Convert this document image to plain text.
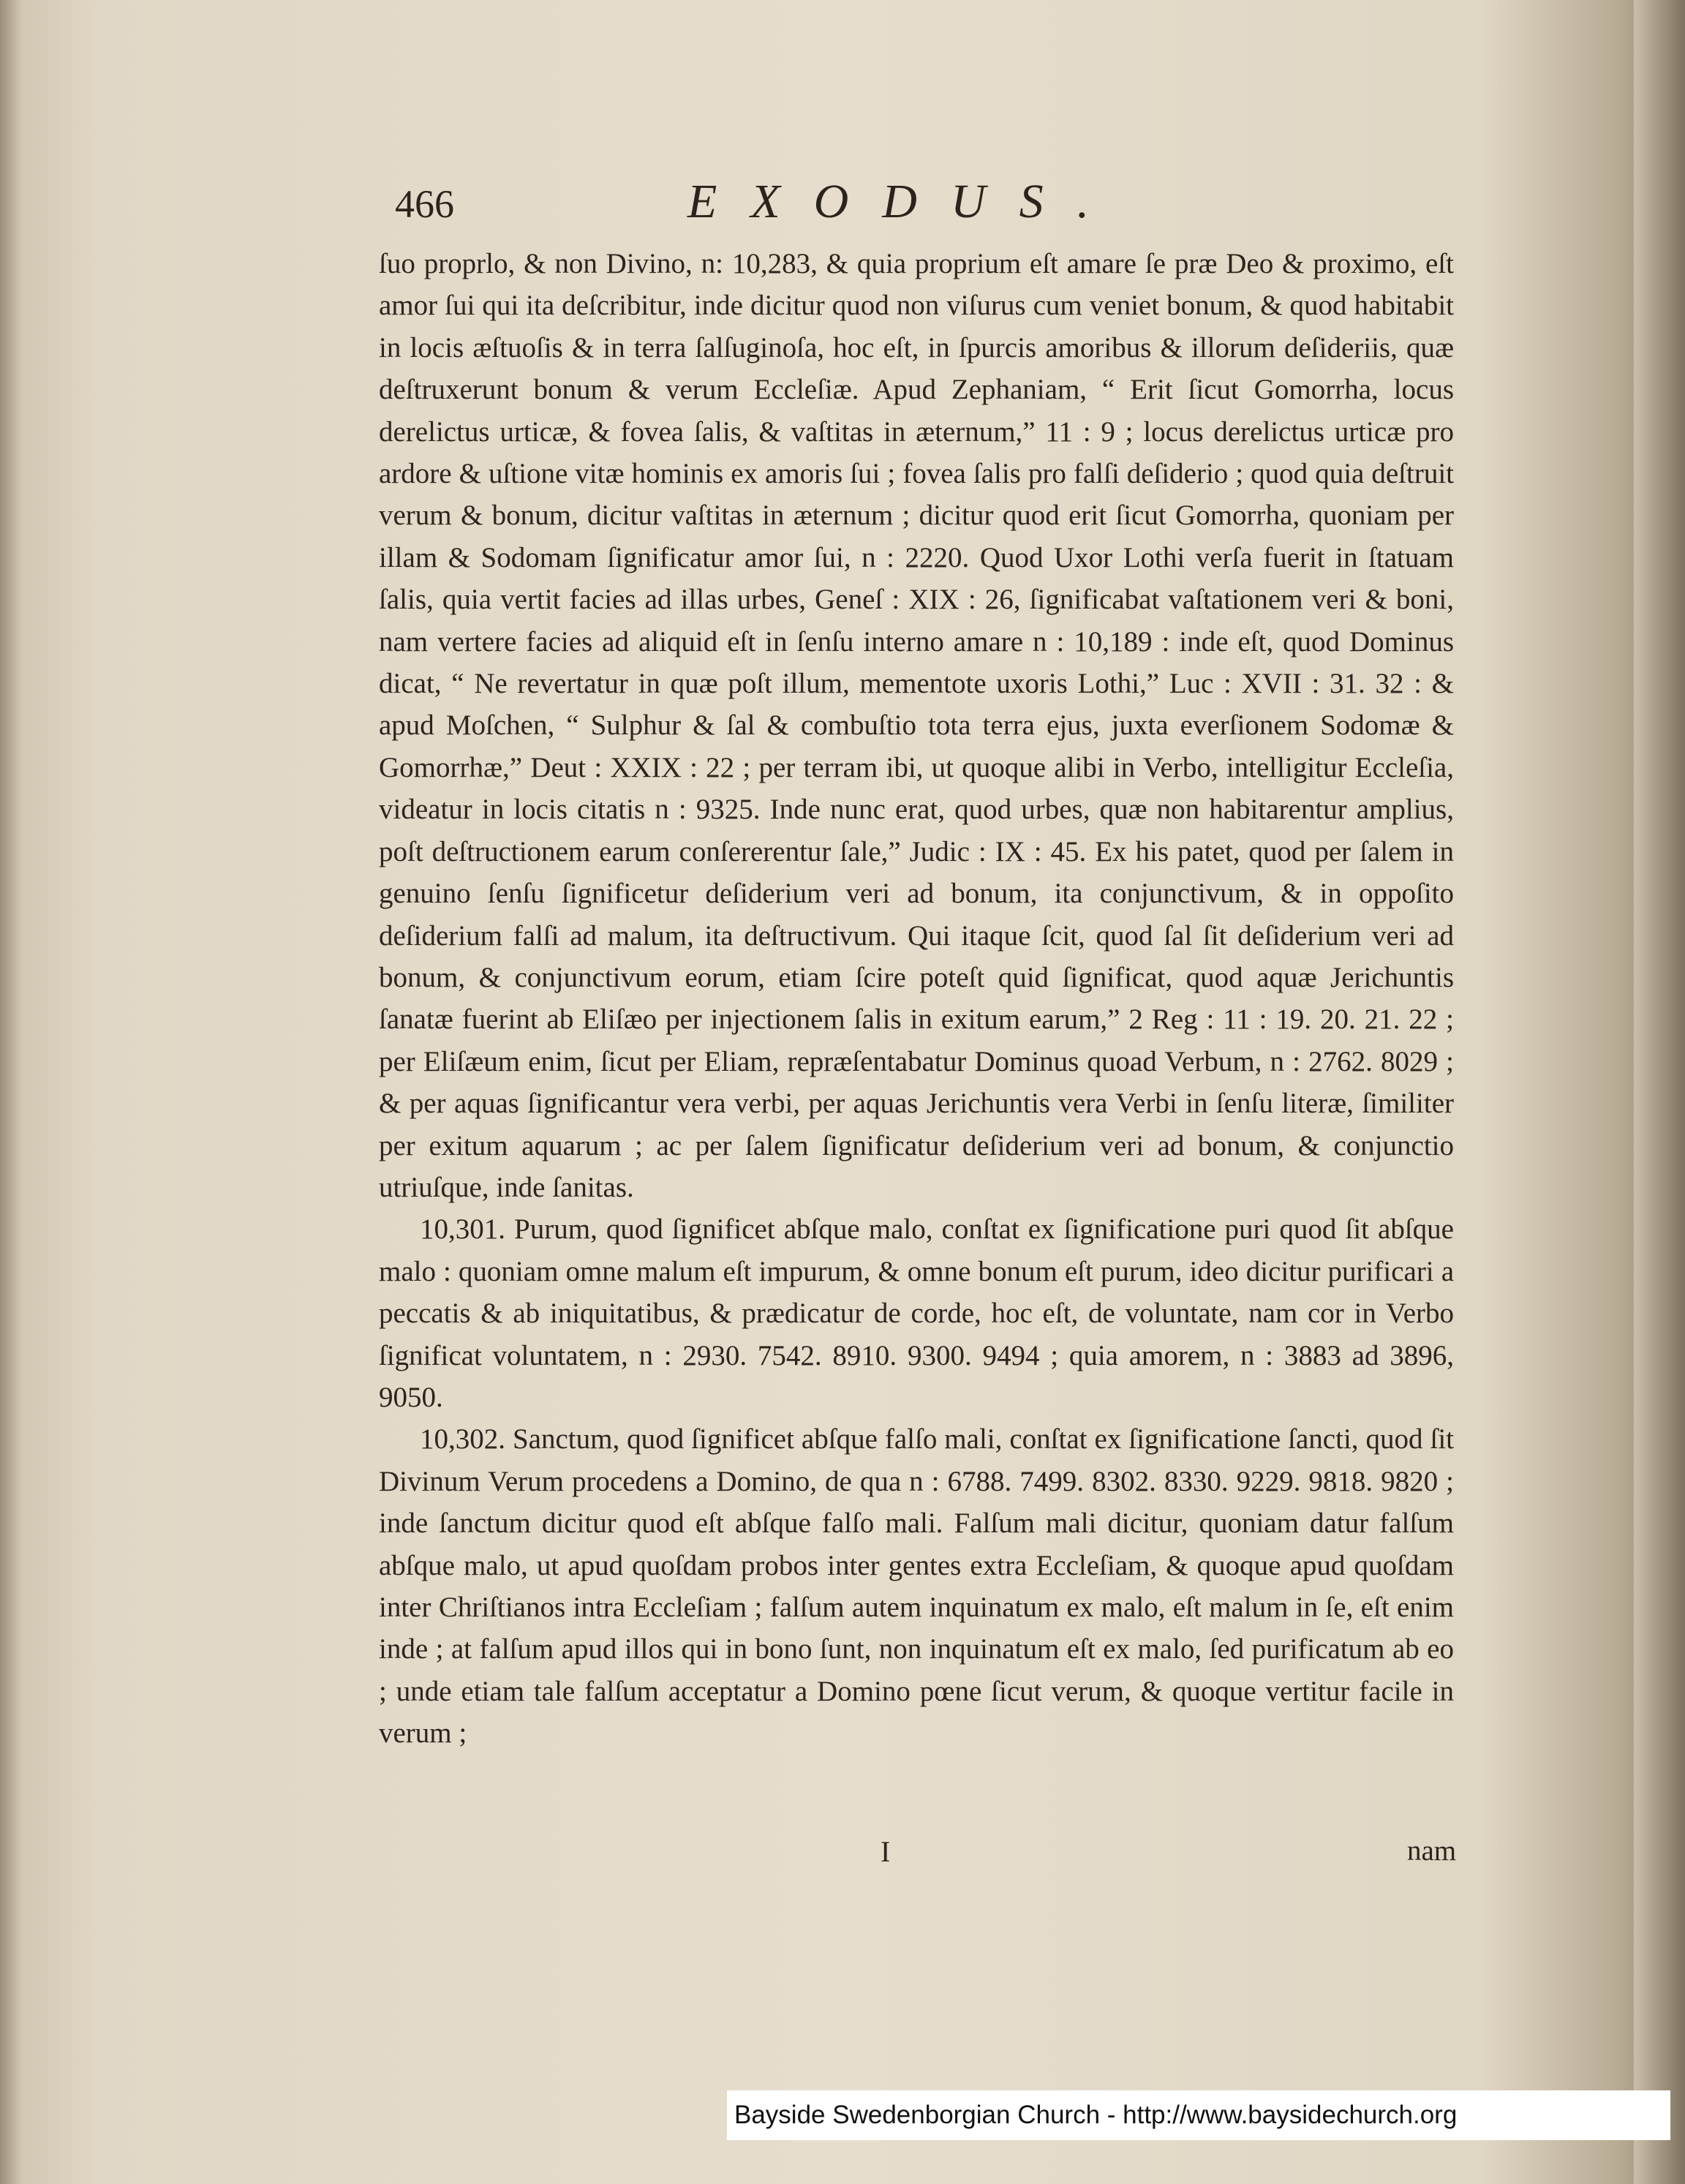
466	EXODUS.

ſuo proprlo, & non Divino, n: 10,283, & quia proprium eſt amare ſe præ Deo & proximo, eſt amor ſui qui ita deſcribitur, inde dicitur quod non viſurus cum veniet bonum, & quod habitabit in locis æſtuoſis & in terra ſalſuginoſa, hoc eſt, in ſpurcis amoribus & illorum deſideriis, quæ deſtruxerunt bonum & verum Eccleſiæ. Apud Zephaniam, “ Erit ſicut Gomorrha, locus derelictus urticæ, & fovea ſalis, & vaſtitas in æternum,” 11 : 9 ; locus derelictus urticæ pro ardore & uſtione vitæ hominis ex amoris ſui ; fovea ſalis pro falſi deſiderio ; quod quia deſtruit verum & bonum, dicitur vaſtitas in æternum ; dicitur quod erit ſicut Gomorrha, quoniam per illam & Sodomam ſignificatur amor ſui, n : 2220. Quod Uxor Lothi verſa fuerit in ſtatuam ſalis, quia vertit facies ad illas urbes, Geneſ : XIX : 26, ſignificabat vaſtationem veri & boni, nam vertere facies ad aliquid eſt in ſenſu interno amare n : 10,189 : inde eſt, quod Dominus dicat, “ Ne revertatur in quæ poſt illum, mementote uxoris Lothi,” Luc : XVII : 31. 32 : & apud Moſchen, “ Sulphur & ſal & combuſtio tota terra ejus, juxta everſionem Sodomæ & Gomorrhæ,” Deut : XXIX : 22 ; per terram ibi, ut quoque alibi in Verbo, intelligitur Eccleſia, videatur in locis citatis n : 9325. Inde nunc erat, quod urbes, quæ non habitarentur amplius, poſt deſtructionem earum conſererentur ſale,” Judic : IX : 45. Ex his patet, quod per ſalem in genuino ſenſu ſignificetur deſiderium veri ad bonum, ita conjunctivum, & in oppoſito deſiderium falſi ad malum, ita deſtructivum. Qui itaque ſcit, quod ſal ſit deſiderium veri ad bonum, & conjunctivum eorum, etiam ſcire poteſt quid ſignificat, quod aquæ Jerichuntis ſanatæ fuerint ab Eliſæo per injectionem ſalis in exitum earum,” 2 Reg : 11 : 19. 20. 21. 22 ; per Eliſæum enim, ſicut per Eliam, repræſentabatur Dominus quoad Verbum, n : 2762. 8029 ; & per aquas ſignificantur vera verbi, per aquas Jerichuntis vera Verbi in ſenſu literæ, ſimiliter per exitum aquarum ; ac per ſalem ſignificatur deſiderium veri ad bonum, & conjunctio utriuſque, inde ſanitas.

10,301. Purum, quod ſignificet abſque malo, conſtat ex ſignificatione puri quod ſit abſque malo : quoniam omne malum eſt impurum, & omne bonum eſt purum, ideo dicitur purificari a peccatis & ab iniquitatibus, & prædicatur de corde, hoc eſt, de voluntate, nam cor in Verbo ſignificat voluntatem, n : 2930. 7542. 8910. 9300. 9494 ; quia amorem, n : 3883 ad 3896, 9050.

10,302. Sanctum, quod ſignificet abſque falſo mali, conſtat ex ſignificatione ſancti, quod ſit Divinum Verum procedens a Domino, de qua n : 6788. 7499. 8302. 8330. 9229. 9818. 9820 ; inde ſanctum dicitur quod eſt abſque falſo mali. Falſum mali dicitur, quoniam datur falſum abſque malo, ut apud quoſdam probos inter gentes extra Eccleſiam, & quoque apud quoſdam inter Chriſtianos intra Eccleſiam ; falſum autem inquinatum ex malo, eſt malum in ſe, eſt enim inde ; at falſum apud illos qui in bono ſunt, non inquinatum eſt ex malo, ſed purificatum ab eo ; unde etiam tale falſum acceptatur a Domino pœne ſicut verum, & quoque vertitur facile in verum ;

I	nam
Bayside Swedenborgian Church - http://www.baysidechurch.org
